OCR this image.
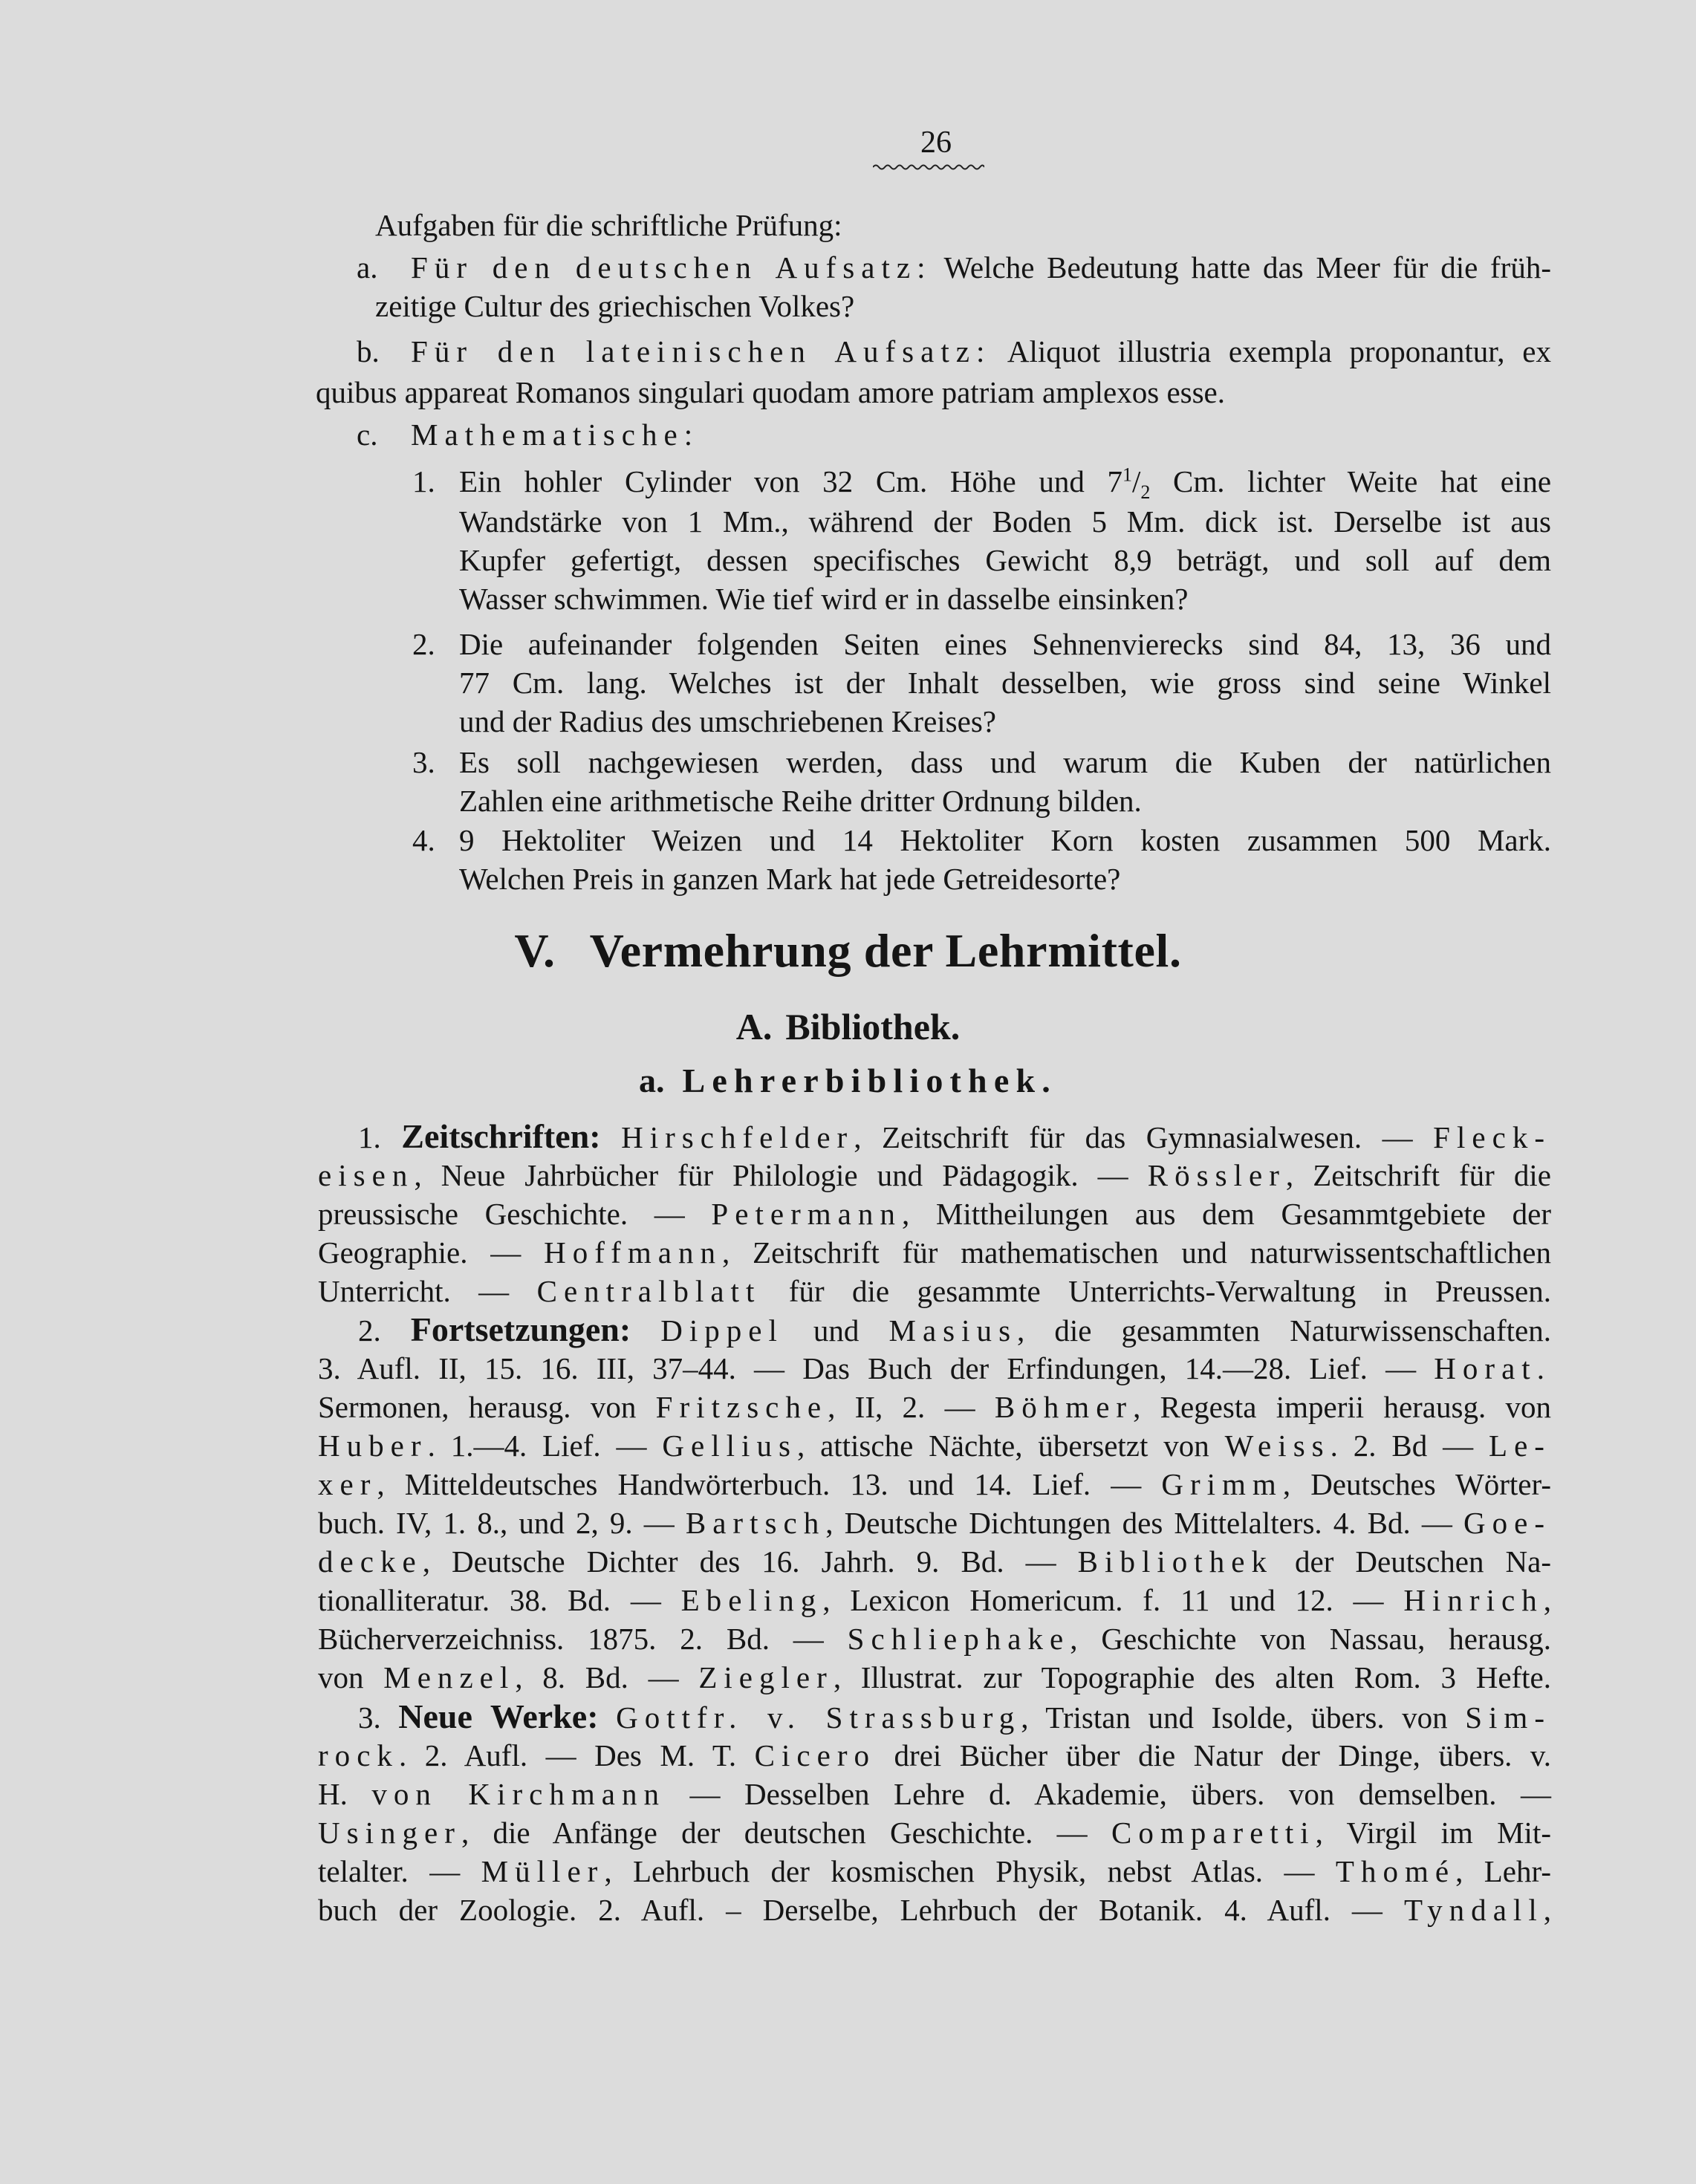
26
Aufgaben für die schriftliche Prüfung:
a. Für den deutschen Aufsatz: Welche Bedeutung hatte das Meer für die früh-
zeitige Cultur des griechischen Volkes?
b. Für den lateinischen Aufsatz: Aliquot illustria exempla proponantur, ex
quibus appareat Romanos singulari quodam amore patriam amplexos esse.
c. Mathematische:
1. Ein hohler Cylinder von 32 Cm. Höhe und $7^1/_2$ Cm. lichter Weite hat eine
Wandstärke von 1 Mm., während der Boden 5 Mm. dick ist. Derselbe ist aus
Kupfer gefertigt, dessen specifisches Gewicht 8,9 beträgt, und soll auf dem
Wasser schwimmen. Wie tief wird er in dasselbe einsinken?
2. Die aufeinander folgenden Seiten eines Sehnenvierecks sind 84, 13, 36 und
77 Cm. lang. Welches ist der Inhalt desselben, wie gross sind seine Winkel
und der Radius des umschriebenen Kreises?
3. Es soll nachgewiesen werden, dass und warum die Kuben der natürlichen
Zahlen eine arithmetische Reihe dritter Ordnung bilden.
4. 9 Hektoliter Weizen und 14 Hektoliter Korn kosten zusammen 500 Mark.
Welchen Preis in ganzen Mark hat jede Getreidesorte?
V. Vermehrung der Lehrmittel.
A. Bibliothek.
a. Lehrerbibliothek.
1. Zeitschriften: Hirschfelder, Zeitschrift für das Gymnasialwesen. — Fleck-
eisen, Neue Jahrbücher für Philologie und Pädagogik. — Rössler, Zeitschrift für die
preussische Geschichte. — Petermann, Mittheilungen aus dem Gesammtgebiete der
Geographie. — Hoffmann, Zeitschrift für mathematischen und naturwissentschaftlichen
Unterricht. — Centralblatt für die gesammte Unterrichts-Verwaltung in Preussen.
2. Fortsetzungen: Dippel und Masius, die gesammten Naturwissenschaften.
3. Aufl. II, 15. 16. III, 37–44. — Das Buch der Erfindungen, 14.—28. Lief. — Horat.
Sermonen, herausg. von Fritzsche, II, 2. — Böhmer, Regesta imperii herausg. von
Huber. 1.—4. Lief. — Gellius, attische Nächte, übersetzt von Weiss. 2. Bd — Le-
xer, Mitteldeutsches Handwörterbuch. 13. und 14. Lief. — Grimm, Deutsches Wörter-
buch. IV, 1. 8., und 2, 9. — Bartsch, Deutsche Dichtungen des Mittelalters. 4. Bd. — Goe-
decke, Deutsche Dichter des 16. Jahrh. 9. Bd. — Bibliothek der Deutschen Na-
tionalliteratur. 38. Bd. — Ebeling, Lexicon Homericum. f. 11 und 12. — Hinrich,
Bücherverzeichniss. 1875. 2. Bd. — Schliephake, Geschichte von Nassau, herausg.
von Menzel, 8. Bd. — Ziegler, Illustrat. zur Topographie des alten Rom. 3 Hefte.
3. Neue Werke: Gottfr. v. Strassburg, Tristan und Isolde, übers. von Sim-
rock. 2. Aufl. — Des M. T. Cicero drei Bücher über die Natur der Dinge, übers. v.
H. von Kirchmann — Desselben Lehre d. Akademie, übers. von demselben. —
Usinger, die Anfänge der deutschen Geschichte. — Comparetti, Virgil im Mit-
telalter. — Müller, Lehrbuch der kosmischen Physik, nebst Atlas. — Thomé, Lehr-
buch der Zoologie. 2. Aufl. – Derselbe, Lehrbuch der Botanik. 4. Aufl. — Tyndall,
